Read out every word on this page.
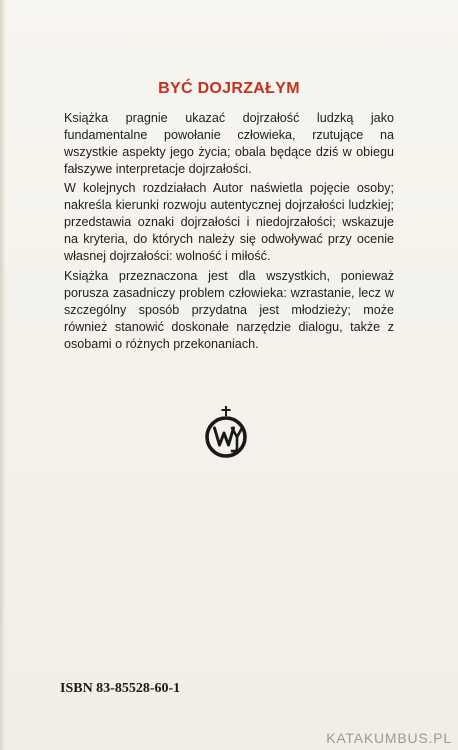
BYĆ DOJRZAŁYM

Książka pragnie ukazać dojrzałość ludzką jako fundamentalne powołanie człowieka, rzutujące na wszystkie aspekty jego życia; obala będące dziś w obiegu fałszywe interpretacje dojrzałości.

W kolejnych rozdziałach Autor naświetla pojęcie osoby; nakreśla kierunki rozwoju autentycznej dojrzałości ludzkiej; przedstawia oznaki dojrzałości i niedojrzałości; wskazuje na kryteria, do których należy się odwoływać przy ocenie własnej dojrzałości: wolność i miłość.

Książka przeznaczona jest dla wszystkich, ponieważ porusza zasadniczy problem człowieka: wzrastanie, lecz w szczególny sposób przydatna jest młodzieży; może również stanowić doskonałe narzędzie dialogu, także z osobami o różnych przekonaniach.

ISBN 83-85528-60-1
KATAKUMBUS.PL
